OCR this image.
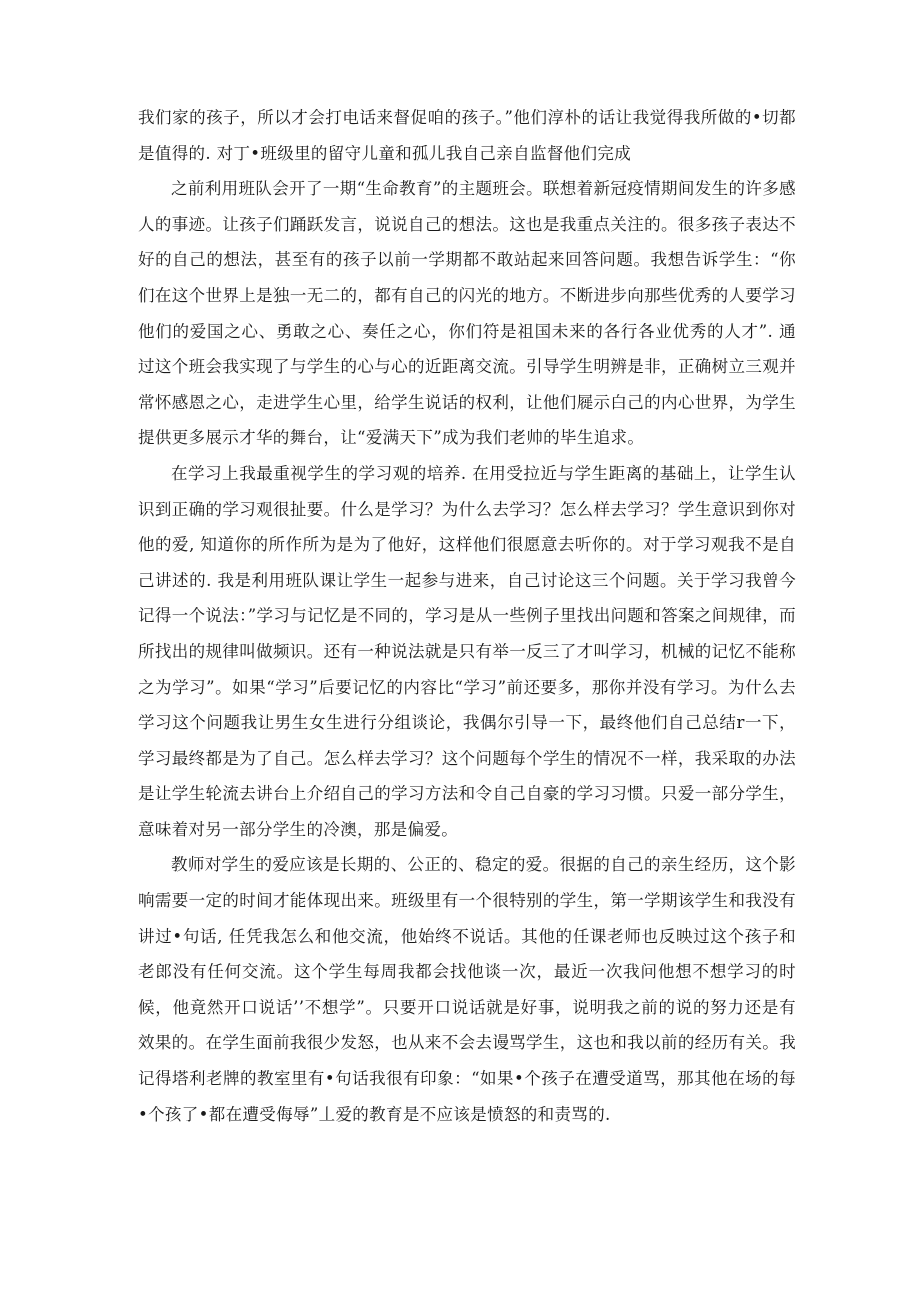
我们家的孩子，所以才会打电话来督促咱的孩子。”他们淳朴的话让我觉得我所做的•切都是值得的. 对丁•班级里的留守儿童和孤儿我自己亲自监督他们完成

之前利用班队会开了一期“生命教育”的主题班会。联想着新冠疫情期间发生的许多感人的事迹。让孩子们踊跃发言，说说自己的想法。这也是我重点关注的。很多孩子表达不好的自己的想法，甚至有的孩子以前一学期都不敢站起来回答问题。我想告诉学生：“你们在这个世界上是独一无二的，都有自己的闪光的地方。不断进步向那些优秀的人要学习他们的爱国之心、勇敢之心、奏任之心，你们符是祖国未来的各行各业优秀的人才”. 通过这个班会我实现了与学生的心与心的近距离交流。引导学生明辨是非，正确树立三观并常怀感恩之心，走进学生心里，给学生说话的权利，让他们屣示白己的内心世界，为学生提供更多展示才华的舞台，让“爱满天下”成为我们老帅的毕生追求。

在学习上我最重视学生的学习观的培养. 在用受拉近与学生距离的基础上，让学生认识到正确的学习观很扯要。什么是学习？为什么去学习？怎么样去学习？学生意识到你对他的爱, 知道你的所作所为是为了他好，这样他们很愿意去听你的。对于学习观我不是自己讲述的. 我是利用班队课让学生一起参与进来，自己讨论这三个问题。关于学习我曾今记得一个说法：”学习与记忆是不同的，学习是从一些例子里找出问题和答案之间规律，而所找出的规律叫做频识。还有一种说法就是只有举一反三了才叫学习，机械的记忆不能称之为学习”。如果“学习”后要记忆的内容比“学习”前还要多，那你并没有学习。为什么去学习这个问题我让男生女生进行分组谈论，我偶尔引导一下，最终他们自己总结r一下，学习最终都是为了自己。怎么样去学习？这个问题每个学生的情况不一样，我采取的办法是让学生轮流去讲台上介绍自己的学习方法和令自己自豪的学习习惯。只爱一部分学生，意味着对另一部分学生的冷澳，那是偏爱。

教师对学生的爱应该是长期的、公正的、稳定的爱。很据的自己的亲生经历，这个影响需要一定的时间才能体现出来。班级里有一个很特别的学生，第一学期该学生和我没有讲过•句话, 任凭我怎么和他交流，他始终不说话。其他的任课老师也反映过这个孩子和老郎没有任何交流。这个学生每周我都会找他谈一次，最近一次我问他想不想学习的时候，他竟然开口说话’’不想学”。只要开口说话就是好事，说明我之前的说的努力还是有效果的。在学生面前我很少发怒，也从来不会去谩骂学生，这也和我以前的经历有关。我记得塔利老牌的教室里有•句话我很有印象：“如果•个孩子在遭受道骂，那其他在场的每•个孩了•都在遭受侮辱”丄爱的教育是不应该是愤怒的和责骂的.
